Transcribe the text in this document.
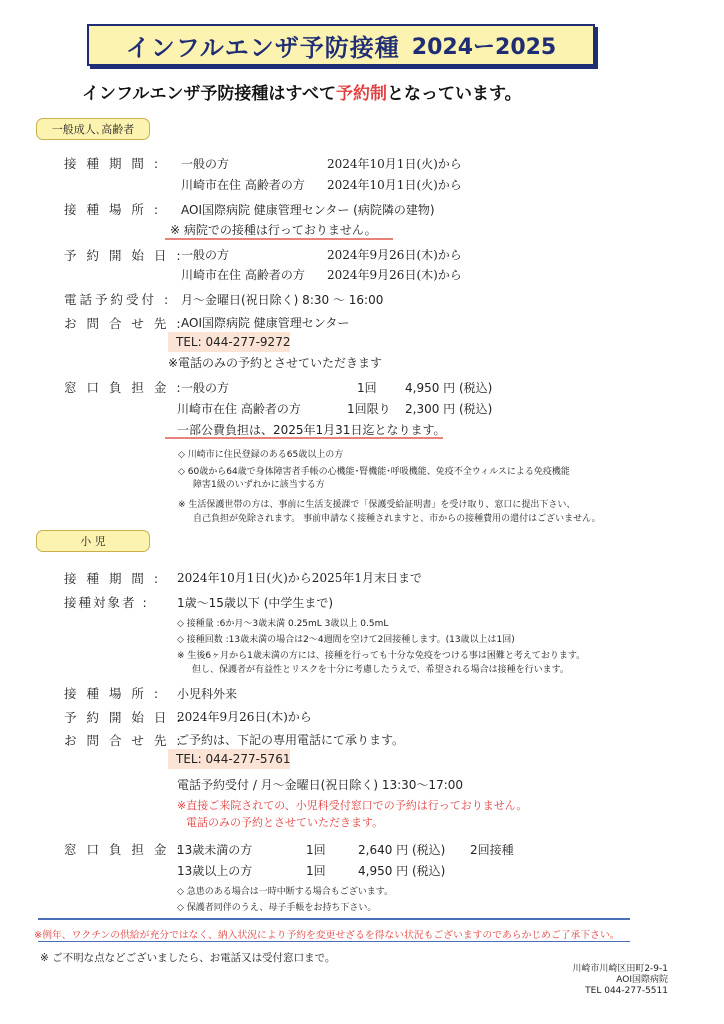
インフルエンザ予防接種 2024ー2025
インフルエンザ予防接種はすべて予約制となっています。
一般成人､高齢者
接 種 期 間 : 一般の方	2024年10月1日(火)から
川崎市在住 高齢者の方 2024年10月1日(火)から
接 種 場 所 : AOI国際病院 健康管理センター (病院隣の建物)
※ 病院での接種は行っておりません。
予 約 開 始 日 :
一般の方	2024年9月26日(木)から
川崎市在住 高齢者の方 2024年9月26日(木)から
電話予約受付 : 月～金曜日(祝日除く) 8:30 ～ 16:00
お 問 合 せ 先 :
AOI国際病院 健康管理センター
TEL: 044-277-9272
※電話のみの予約とさせていただきます
窓 口 負 担 金 :
一般の方	1回 4,950 円 (税込)
川崎市在住 高齢者の方	1回限り 2,300 円 (税込)
一部公費負担は、2025年1月31日迄となります。
◇ 川崎市に住民登録のある65歳以上の方
◇ 60歳から64歳で身体障害者手帳の心機能･腎機能･呼吸機能、免疫不全ウィルスによる免疫機能
障害1級のいずれかに該当する方
※ 生活保護世帯の方は、事前に生活支援課で「保護受給証明書」を受け取り、窓口に提出下さい、
自己負担が免除されます。 事前申請なく接種されますと、市からの接種費用の還付はございません。
小 児
接 種 期 間 : 2024年10月1日(火)から2025年1月末日まで
接種対象者 : 1歳～15歳以下 (中学生まで)
◇ 接種量 :6か月～3歳未満 0.25mL 3歳以上 0.5mL
◇ 接種回数 :13歳未満の場合は2～4週間を空けて2回接種します。(13歳以上は1回)
※ 生後6ヶ月から1歳未満の方には、接種を行っても十分な免疫をつける事は困難と考えております。
但し、保護者が有益性とリスクを十分に考慮したうえで、希望される場合は接種を行います。
接 種 場 所 : 小児科外来
予 約 開 始 日 :
2024年9月26日(木)から
お 問 合 せ 先 :
ご予約は、下記の専用電話にて承ります。
TEL: 044-277-5761
電話予約受付 / 月～金曜日(祝日除く) 13:30～17:00
※直接ご来院されての、小児科受付窓口での予約は行っておりません。
電話のみの予約とさせていただきます。
窓 口 負 担 金 :
13歳未満の方	1回	2,640 円 (税込) 2回接種
13歳以上の方	1回	4,950 円 (税込)
◇ 急患のある場合は一時中断する場合もございます。
◇ 保護者同伴のうえ、母子手帳をお持ち下さい。
※例年、ワクチンの供給が充分ではなく、納入状況により予約を変更せざるを得ない状況もございますのであらかじめご了承下さい。
※ ご不明な点などございましたら、お電話又は受付窓口まで。
川崎市川崎区田町2-9-1
AOI国際病院
TEL 044-277-5511
